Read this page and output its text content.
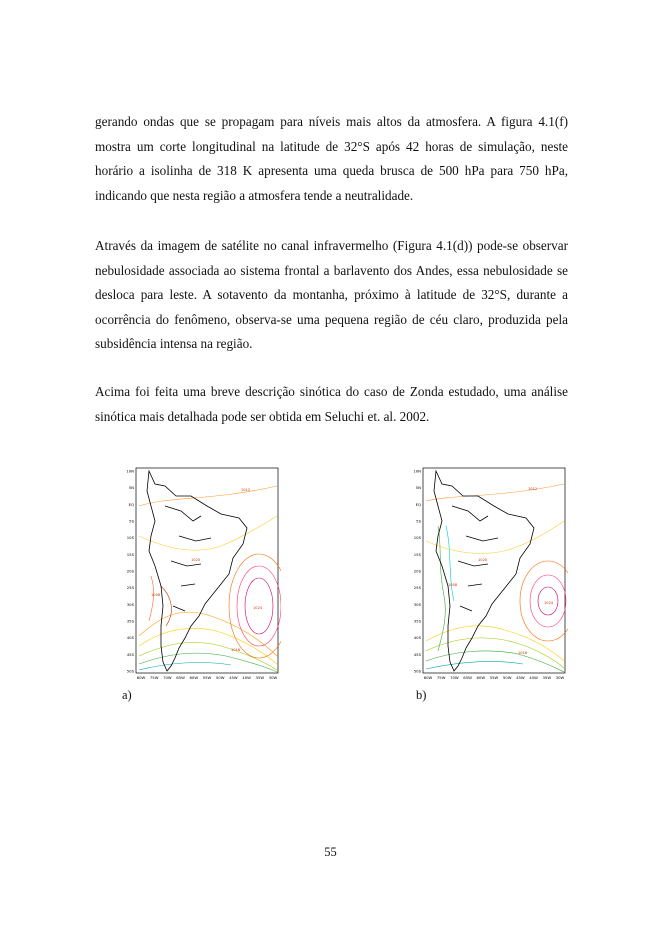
gerando ondas que se propagam para níveis mais altos da atmosfera. A figura 4.1(f) mostra um corte longitudinal na latitude de 32°S após 42 horas de simulação, neste horário a isolinha de 318 K apresenta uma queda brusca de 500 hPa para 750 hPa, indicando que nesta região a atmosfera tende a neutralidade.

Através da imagem de satélite no canal infravermelho (Figura 4.1(d)) pode-se observar nebulosidade associada ao sistema frontal a barlavento dos Andes, essa nebulosidade se desloca para leste. A sotavento da montanha, próximo à latitude de 32°S, durante a ocorrência do fenômeno, observa-se uma pequena região de céu claro, produzida pela subsidência intensa na região.

Acima foi feita uma breve descrição sinótica do caso de Zonda estudado, uma análise sinótica mais detalhada pode ser obtida em Seluchi et. al. 2002.

10N
5N
EQ
5S
10S
15S
20S
25S
30S
35S
40S
45S
50S
80W 75W 70W 65W 60W 55W 50W 45W 40W 35W 30W
1012
1020
1024
1008
1016
a)
10N
5N
EQ
5S
10S
15S
20S
25S
30S
35S
40S
45S
50S
80W 75W 70W 65W 60W 55W 50W 45W 40W 35W 30W
1012
1024
1020
1008
1016
b)
55
